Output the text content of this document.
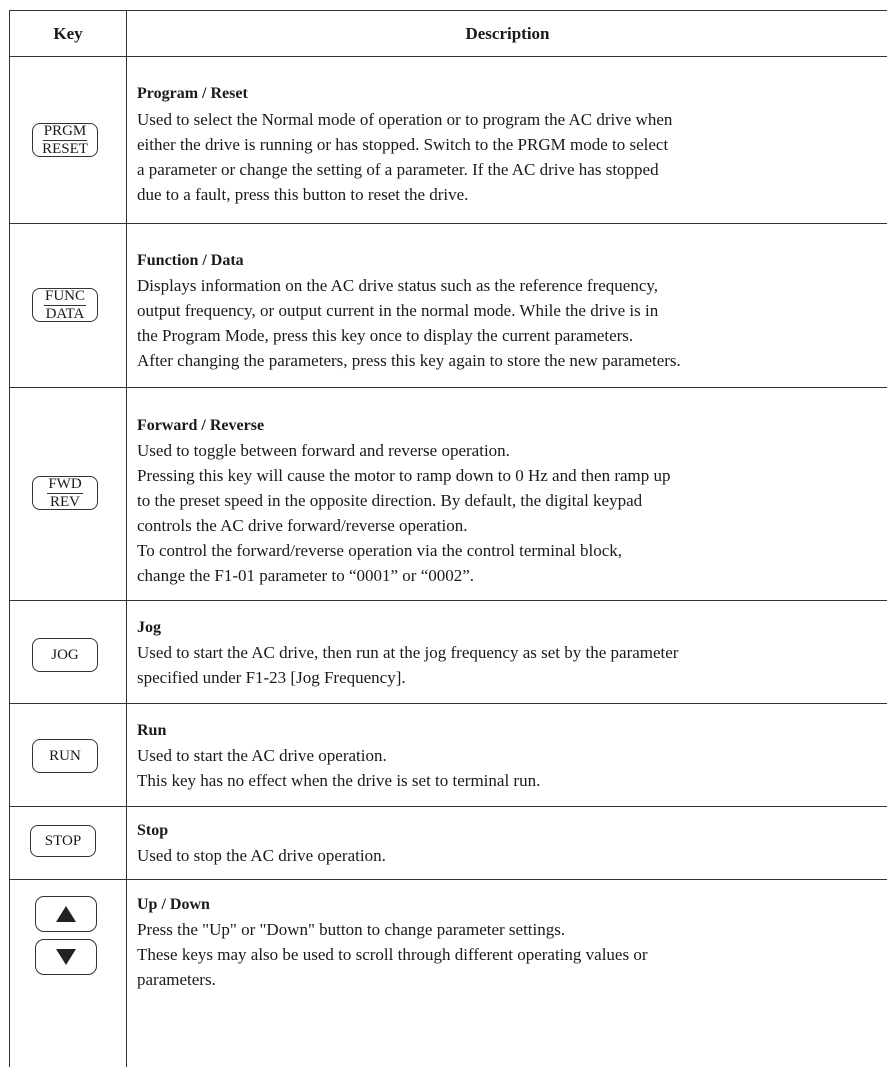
Key	Description
PRGM
RESET
Program / Reset
Used to select the Normal mode of operation or to program the AC drive when
either the drive is running or has stopped. Switch to the PRGM mode to select
a parameter or change the setting of a parameter. If the AC drive has stopped
due to a fault, press this button to reset the drive.
FUNC
DATA
Function / Data
Displays information on the AC drive status such as the reference frequency,
output frequency, or output current in the normal mode. While the drive is in
the Program Mode, press this key once to display the current parameters.
After changing the parameters, press this key again to store the new parameters.
FWD
REV
Forward / Reverse
Used to toggle between forward and reverse operation.
Pressing this key will cause the motor to ramp down to 0 Hz and then ramp up
to the preset speed in the opposite direction. By default, the digital keypad
controls the AC drive forward/reverse operation.
To control the forward/reverse operation via the control terminal block,
change the F1-01 parameter to “0001” or “0002”.
JOG
Jog
Used to start the AC drive, then run at the jog frequency as set by the parameter
specified under F1-23 [Jog Frequency].
RUN
Run
Used to start the AC drive operation.
This key has no effect when the drive is set to terminal run.
STOP
Stop
Used to stop the AC drive operation.
Up / Down
Press the "Up" or "Down" button to change parameter settings.
These keys may also be used to scroll through different operating values or
parameters.
